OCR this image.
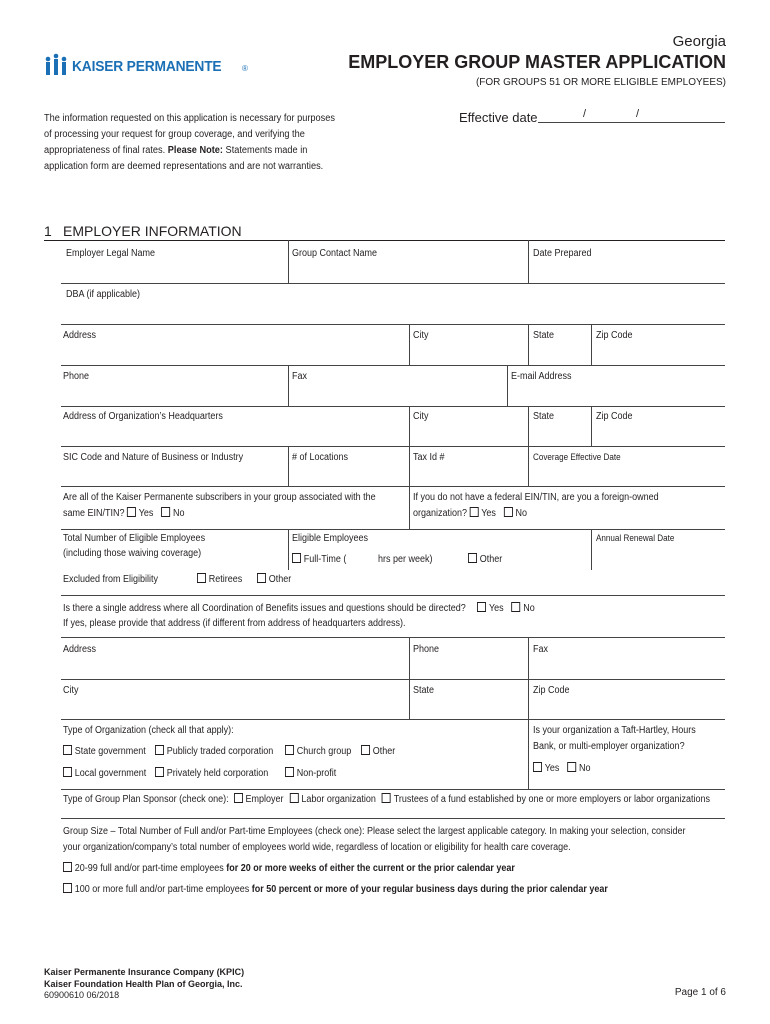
KAISER PERMANENTE	®
Georgia
EMPLOYER GROUP MASTER APPLICATION
(FOR GROUPS 51 OR MORE ELIGIBLE EMPLOYEES)
The information requested on this application is necessary for purposes
of processing your request for group coverage, and verifying the
appropriateness of final rates. Please Note: Statements made in
application form are deemed representations and are not warranties.
Effective date	/	/
1 EMPLOYER INFORMATION
Employer Legal Name	Group Contact Name	Date Prepared
DBA (if applicable)
Address	City	State	Zip Code
Phone	Fax	E-mail Address
Address of Organization’s Headquarters	City	State	Zip Code
SIC Code and Nature of Business or Industry	# of Locations	Tax Id #	Coverage Effective Date
Are all of the Kaiser Permanente subscribers in your group associated with the
same EIN/TIN? Yes No
If you do not have a federal EIN/TIN, are you a foreign-owned
organization? Yes No
Total Number of Eligible Employees
(including those waiving coverage)
Eligible Employees
Full-Time (	hrs per week)	Other
Annual Renewal Date
Excluded from Eligibility	Retirees	Other
Is there a single address where all Coordination of Benefits issues and questions should be directed? Yes No
If yes, please provide that address (if different from address of headquarters address).
Address	Phone	Fax
City	State	Zip Code
Type of Organization (check all that apply):
State government	Publicly traded corporation	Church group	Other
Local government	Privately held corporation	Non-profit
Is your organization a Taft-Hartley, Hours
Bank, or multi-employer organization?
Yes No
Type of Group Plan Sponsor (check one): Employer Labor organization Trustees of a fund established by one or more employers or labor organizations
Group Size – Total Number of Full and/or Part-time Employees (check one): Please select the largest applicable category. In making your selection, consider
your organization/company’s total number of employees world wide, regardless of location or eligibility for health care coverage.
20-99 full and/or part-time employees for 20 or more weeks of either the current or the prior calendar year
100 or more full and/or part-time employees for 50 percent or more of your regular business days during the prior calendar year
Kaiser Permanente Insurance Company (KPIC)
Kaiser Foundation Health Plan of Georgia, Inc.
60900610 06/2018	Page 1 of 6
